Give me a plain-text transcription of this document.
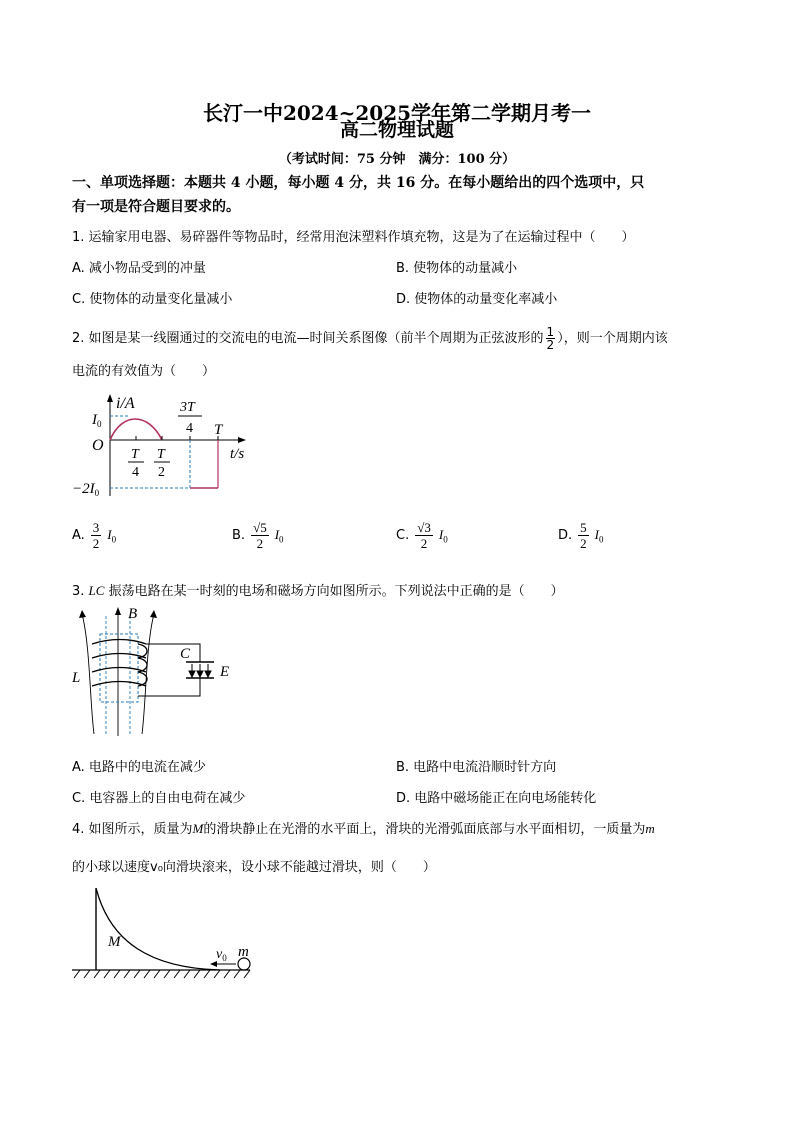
长汀一中2024~2025学年第二学期月考一
高二物理试题
（考试时间：75 分钟　满分：100 分）
一、单项选择题：本题共 4 小题，每小题 4 分，共 16 分。在每小题给出的四个选项中，只
有一项是符合题目要求的。
1. 运输家用电器、易碎器件等物品时，经常用泡沫塑料作填充物，这是为了在运输过程中（　　）
A. 减小物品受到的冲量	B. 使物体的动量减小
C. 使物体的动量变化量减小	D. 使物体的动量变化率减小
2. 如图是某一线圈通过的交流电的电流—时间关系图像（前半个周期为正弦波形的 $\frac{1}{2}$ ），则一个周期内该
电流的有效值为（　　）
i/A
t/s
O
$I_0$
$-2I_0$
T
4
T
2
3T
4 T
A. $\frac{3}{2} I_0$	B. $\frac{√5}{2} I_0$	C. $\frac{√3}{2} I_0$	D. $\frac{5}{2} I_0$
3. LC 振荡电路在某一时刻的电场和磁场方向如图所示。下列说法中正确的是（　　）
B
L
C
E
A. 电路中的电流在减少	B. 电路中电流沿顺时针方向
C. 电容器上的自由电荷在减少	D. 电路中磁场能正在向电场能转化
4. 如图所示，质量为M的滑块静止在光滑的水平面上，滑块的光滑弧面底部与水平面相切，一质量为m
的小球以速度v₀向滑块滚来，设小球不能越过滑块，则（　　）
M
$v_0$ m
